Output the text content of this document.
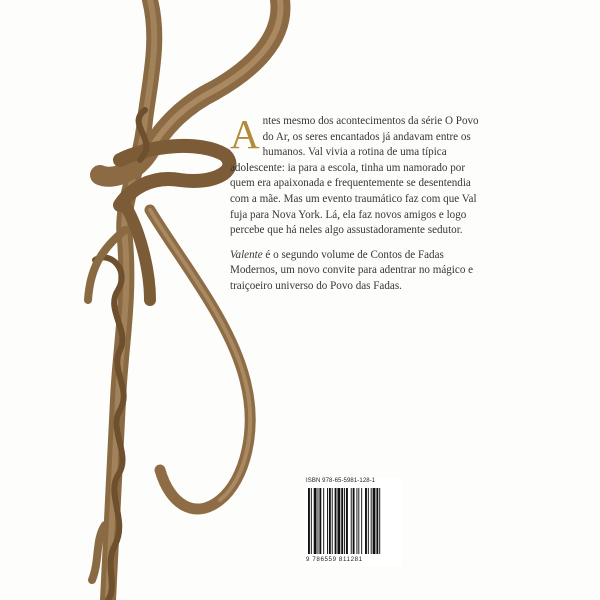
Antes mesmo dos acontecimentos da série O Povo do Ar, os seres encantados já andavam entre os humanos. Val vivia a rotina de uma típica adolescente: ia para a escola, tinha um namorado por quem era apaixonada e frequentemente se desentendia com a mãe. Mas um evento traumático faz com que Val fuja para Nova York. Lá, ela faz novos amigos e logo percebe que há neles algo assustadoramente sedutor.

Valente é o segundo volume de Contos de Fadas Modernos, um novo convite para adentrar no mágico e traiçoeiro universo do Povo das Fadas.

ISBN 978-65-5981-128-1
9 786559 811281
